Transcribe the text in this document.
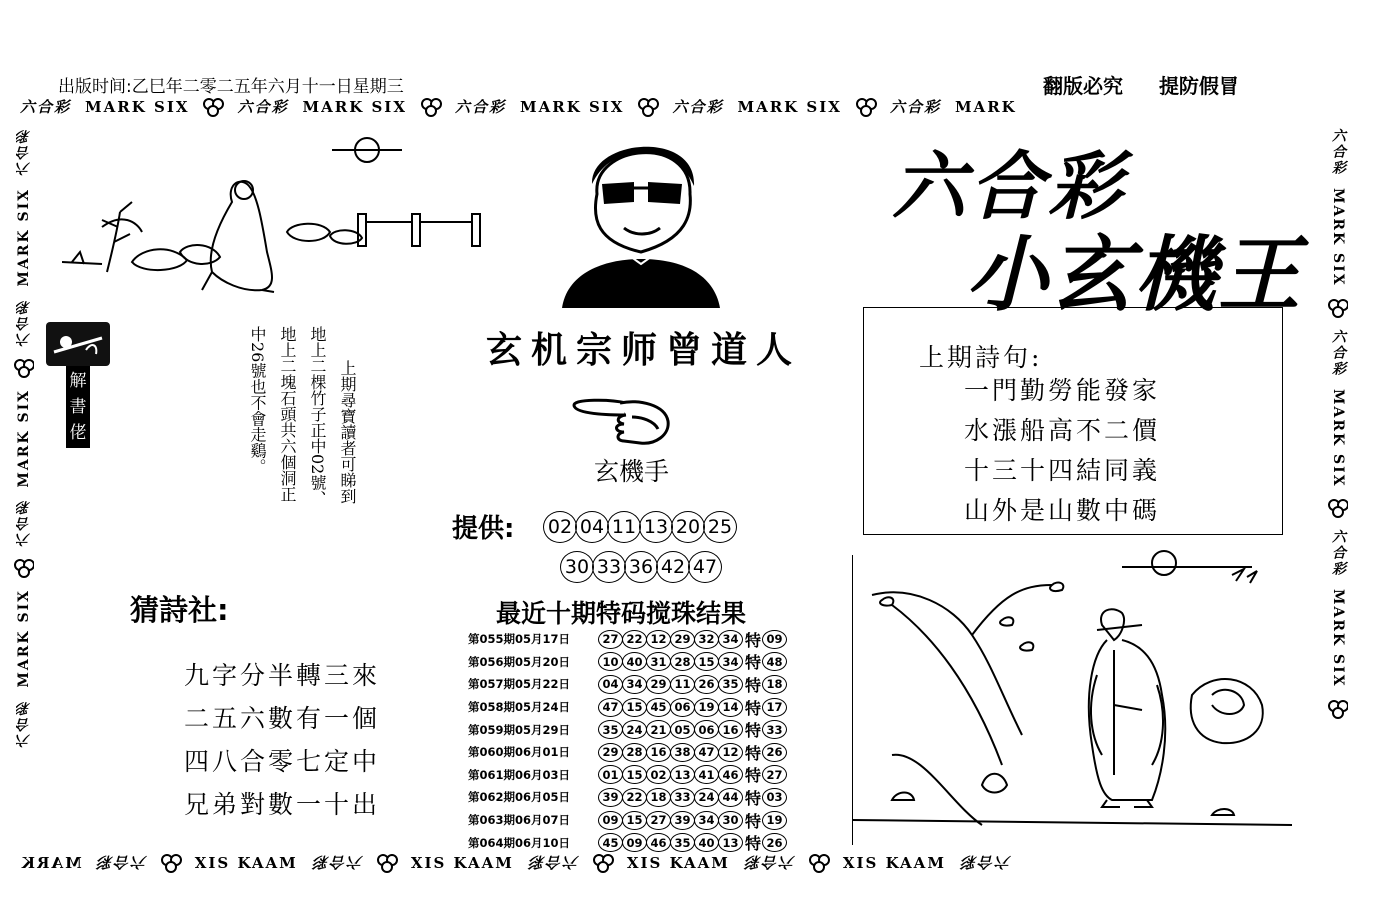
出版时间:乙巳年二零二五年六月十一日星期三	翻版必究 提防假冒
六合彩 MARK SIX	六合彩 MARK SIX	六合彩 MARK SIX	六合彩 MARK SIX	六合彩 MARK
MARK 六合彩	XIS KAAM 六合彩	XIS KAAM 六合彩	XIS KAAM 六合彩	XIS KAAM 六合彩
六合彩
MARK SIX
六合彩
MARK SIX
六合彩
MARK SIX
六合彩
六合彩
MARK SIX
六合彩
MARK SIX
六合彩
MARK SIX
六合彩
小玄機王
解
書
佬	上期尋寶讀者可睇到
地上二棵竹子正中02號、
地上二塊石頭共六個洞正
中26號也不會走鷄。	玄机宗师曾道人
玄機手
上期詩句:
一門勤勞能發家
水漲船高不二價
十三十四結同義
山外是山數中碼
提供: 02 04 11 13 20 25
30 33 36 42 47
猜詩社:
九字分半轉三來
二五六數有一個
四八合零七定中
兄弟對數一十出
最近十期特码搅珠结果
第055期05月17日	27 22 12 29 32 34 特 09
第056期05月20日	10 40 31 28 15 34 特 48
第057期05月22日	04 34 29 11 26 35 特 18
第058期05月24日	47 15 45 06 19 14 特 17
第059期05月29日	35 24 21 05 06 16 特 33
第060期06月01日	29 28 16 38 47 12 特 26
第061期06月03日	01 15 02 13 41 46 特 27
第062期06月05日	39 22 18 33 24 44 特 03
第063期06月07日	09 15 27 39 34 30 特 19
第064期06月10日	45 09 46 35 40 13 特 26
